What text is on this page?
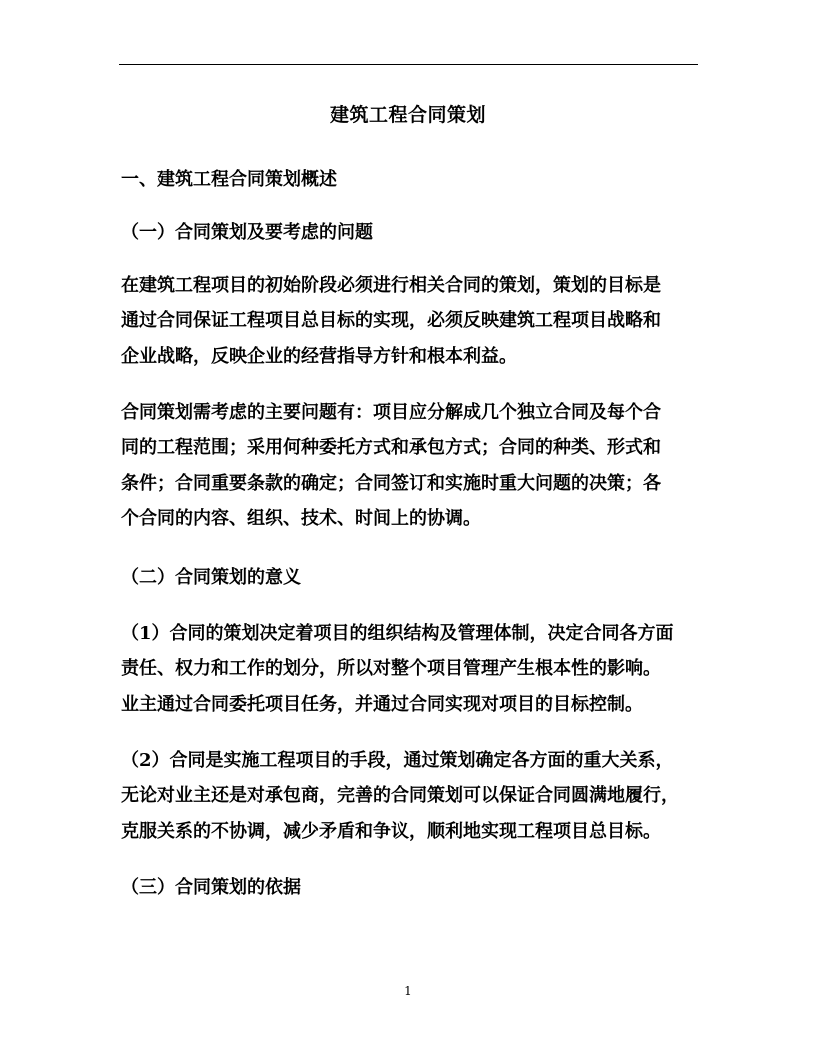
建筑工程合同策划
一、建筑工程合同策划概述
（一）合同策划及要考虑的问题
在建筑工程项目的初始阶段必须进行相关合同的策划，策划的目标是
通过合同保证工程项目总目标的实现，必须反映建筑工程项目战略和
企业战略，反映企业的经营指导方针和根本利益。
合同策划需考虑的主要问题有：项目应分解成几个独立合同及每个合
同的工程范围；采用何种委托方式和承包方式；合同的种类、形式和
条件；合同重要条款的确定；合同签订和实施时重大问题的决策；各
个合同的内容、组织、技术、时间上的协调。
（二）合同策划的意义
（1）合同的策划决定着项目的组织结构及管理体制，决定合同各方面
责任、权力和工作的划分，所以对整个项目管理产生根本性的影响。
业主通过合同委托项目任务，并通过合同实现对项目的目标控制。
（2）合同是实施工程项目的手段，通过策划确定各方面的重大关系，
无论对业主还是对承包商，完善的合同策划可以保证合同圆满地履行，
克服关系的不协调，减少矛盾和争议，顺利地实现工程项目总目标。
（三）合同策划的依据
1
